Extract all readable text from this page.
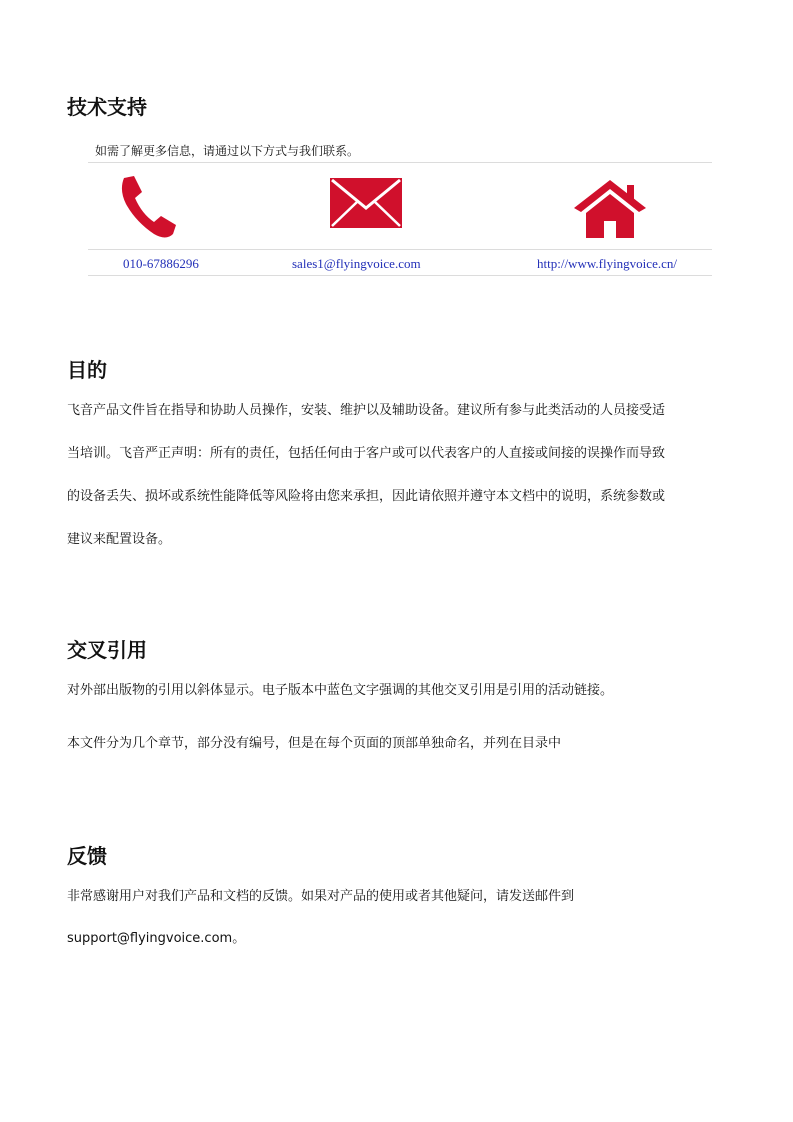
技术支持
如需了解更多信息，请通过以下方式与我们联系。
010-67886296	sales1@flyingvoice.com	http://www.flyingvoice.cn/
目的
飞音产品文件旨在指导和协助人员操作，安装、维护以及辅助设备。建议所有参与此类活动的人员接受适
当培训。飞音严正声明：所有的责任，包括任何由于客户或可以代表客户的人直接或间接的误操作而导致
的设备丢失、损坏或系统性能降低等风险将由您来承担，因此请依照并遵守本文档中的说明，系统参数或
建议来配置设备。
交叉引用

对外部出版物的引用以斜体显示。电子版本中蓝色文字强调的其他交叉引用是引用的活动链接。

本文件分为几个章节，部分没有编号，但是在每个页面的顶部单独命名，并列在目录中

反馈

非常感谢用户对我们产品和文档的反馈。如果对产品的使用或者其他疑问，请发送邮件到

support@flyingvoice.com。
